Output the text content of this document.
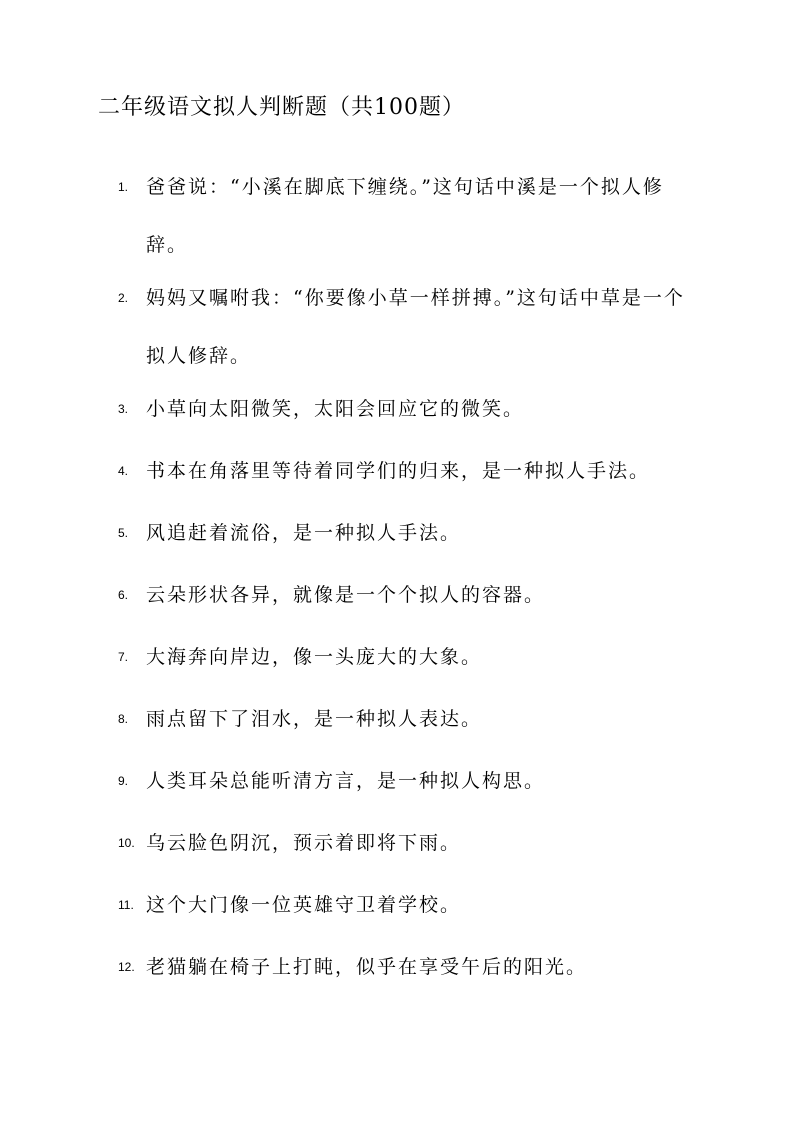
二年级语文拟人判断题（共100题）
1. 爸爸说：“小溪在脚底下缠绕。”这句话中溪是一个拟人修辞。
2. 妈妈又嘱咐我：“你要像小草一样拼搏。”这句话中草是一个拟人修辞。
3. 小草向太阳微笑，太阳会回应它的微笑。
4. 书本在角落里等待着同学们的归来，是一种拟人手法。
5. 风追赶着流俗，是一种拟人手法。
6. 云朵形状各异，就像是一个个拟人的容器。
7. 大海奔向岸边，像一头庞大的大象。
8. 雨点留下了泪水，是一种拟人表达。
9. 人类耳朵总能听清方言，是一种拟人构思。
10. 乌云脸色阴沉，预示着即将下雨。
11. 这个大门像一位英雄守卫着学校。
12. 老猫躺在椅子上打盹，似乎在享受午后的阳光。
